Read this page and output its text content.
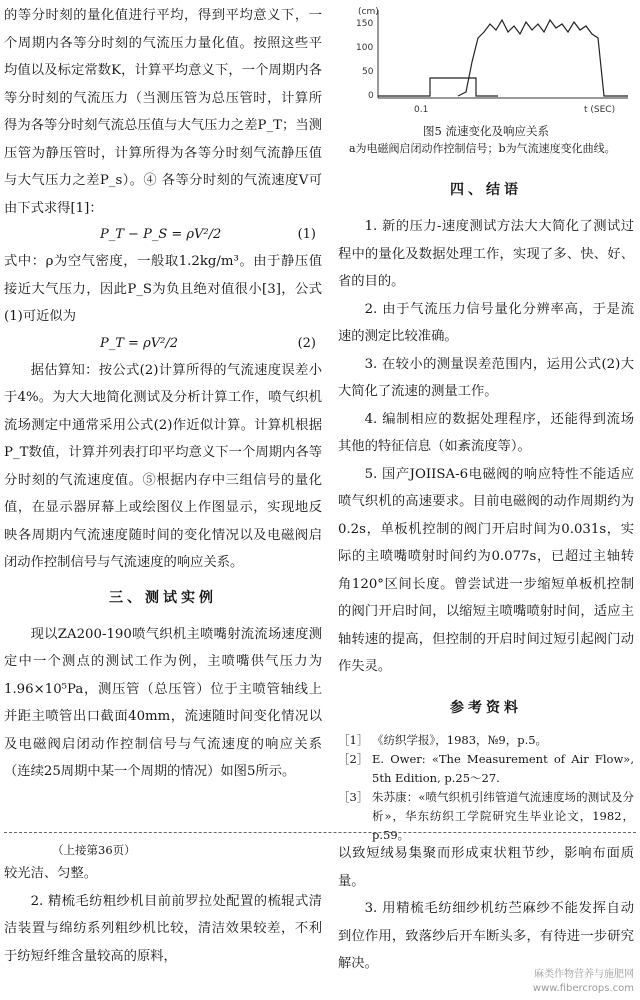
的等分时刻的量化值进行平均，得到平均意义下，一个周期内各等分时刻的气流压力量化值。按照这些平均值以及标定常数K，计算平均意义下，一个周期内各等分时刻的气流压力（当测压管为总压管时，计算所得为各等分时刻气流总压值与大气压力之差P_T；当测压管为静压管时，计算所得为各等分时刻气流静压值与大气压力之差P_s）。④ 各等分时刻的气流速度V可由下式求得[1]：

P_T − P_S = ρV²/2	(1)

式中：ρ为空气密度，一般取1.2kg/m³。由于静压值接近大气压力，因此P_S为负且绝对值很小[3]，公式(1)可近似为

P_T = ρV²/2	(2)

据估算知：按公式(2)计算所得的气流速度误差小于4%。为大大地简化测试及分析计算工作，喷气织机流场测定中通常采用公式(2)作近似计算。计算机根据P_T数值，计算并列表打印平均意义下一个周期内各等分时刻的气流速度值。⑤根据内存中三组信号的量化值，在显示器屏幕上或绘图仪上作图显示，实现地反映各周期内气流速度随时间的变化情况以及电磁阀启闭动作控制信号与气流速度的响应关系。

三、测试实例

现以ZA200-190喷气织机主喷嘴射流流场速度测定中一个测点的测试工作为例，主喷嘴供气压力为1.96×10⁵Pa，测压管（总压管）位于主喷管轴线上并距主喷管出口截面40mm，流速随时间变化情况以及电磁阀启闭动作控制信号与气流速度的响应关系（连续25周期中某一个周期的情况）如图5所示。

(cm)
150
100
50
0
0.1	t (SEC)
图5 流速变化及响应关系
a为电磁阀启闭动作控制信号；b为气流速度变化曲线。
四、结语

1. 新的压力-速度测试方法大大简化了测试过程中的量化及数据处理工作，实现了多、快、好、省的目的。

2. 由于气流压力信号量化分辨率高，于是流速的测定比较准确。

3. 在较小的测量误差范围内，运用公式(2)大大简化了流速的测量工作。

4. 编制相应的数据处理程序，还能得到流场其他的特征信息（如紊流度等）。

5. 国产JOIISA-6电磁阀的响应特性不能适应喷气织机的高速要求。目前电磁阀的动作周期约为0.2s，单板机控制的阀门开启时间为0.031s，实际的主喷嘴喷射时间约为0.077s，已超过主轴转角120°区间长度。曾尝试进一步缩短单板机控制的阀门开启时间，以缩短主喷嘴喷射时间，适应主轴转速的提高，但控制的开启时间过短引起阀门动作失灵。

参考资料

［1］ 《纺织学报》，1983，№9，p.5。

［2］ E. Ower: «The Measurement of Air Flow», 5th Edition, p.25～27.

［3］ 朱苏康：«喷气织机引纬管道气流速度场的测试及分析»，华东纺织工学院研究生毕业论文，1982，p.59。

（上接第36页）

较光洁、匀整。

2. 精梳毛纺粗纱机目前前罗拉处配置的梳辊式清洁装置与绵纺系列粗纱机比较，清洁效果较差，不利于纺短纤维含量较高的原料，

以致短绒易集聚而形成束状粗节纱，影响布面质量。

3. 用精梳毛纺细纱机纺苎麻纱不能发挥自动到位作用，致落纱后开车断头多，有待进一步研究解决。

麻类作物营养与施肥网
www.fibercrops.com
